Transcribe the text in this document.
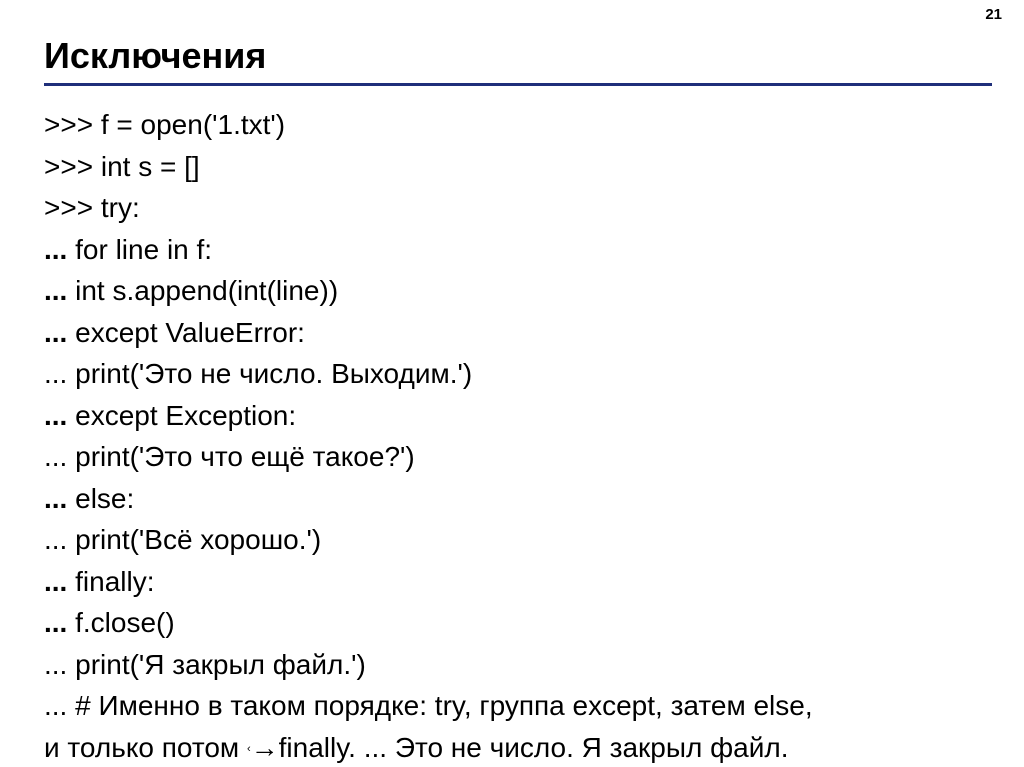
21
Исключения
>>> f = open('1.txt')
>>> int s = []
>>> try:
... for line in f:
... int s.append(int(line))
... except ValueError:
... print('Это не число. Выходим.')
... except Exception:
... print('Это что ещё такое?')
... else:
... print('Всё хорошо.')
... finally:
... f.close()
... print('Я закрыл файл.')
... # Именно в таком порядке: try, группа except, затем else,
и только потом ‹→finally. ... Это не число. Я закрыл файл.
